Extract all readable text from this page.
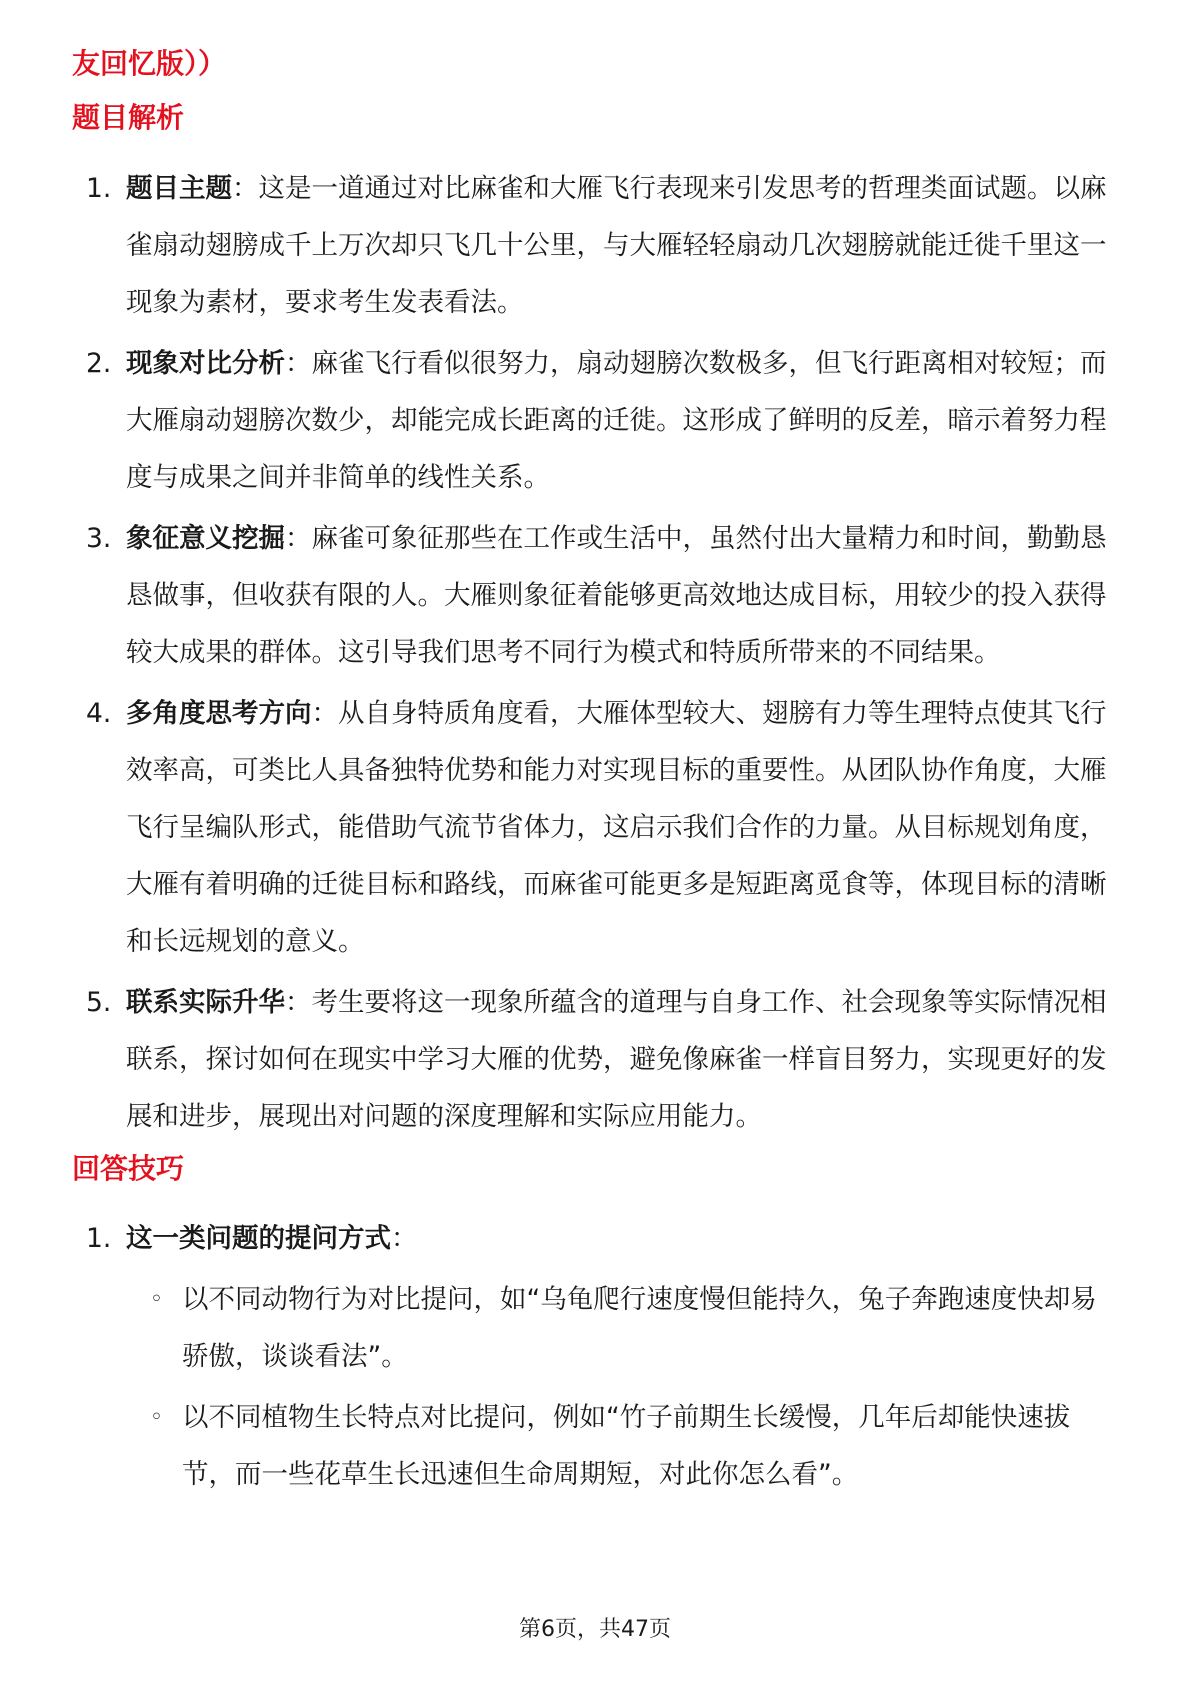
友回忆版））

题目解析

1. 题目主题：这是一道通过对比麻雀和大雁飞行表现来引发思考的哲理类面试题。以麻雀扇动翅膀成千上万次却只飞几十公里，与大雁轻轻扇动几次翅膀就能迁徙千里这一现象为素材，要求考生发表看法。
2. 现象对比分析：麻雀飞行看似很努力，扇动翅膀次数极多，但飞行距离相对较短；而大雁扇动翅膀次数少，却能完成长距离的迁徙。这形成了鲜明的反差，暗示着努力程度与成果之间并非简单的线性关系。
3. 象征意义挖掘：麻雀可象征那些在工作或生活中，虽然付出大量精力和时间，勤勤恳恳做事，但收获有限的人。大雁则象征着能够更高效地达成目标，用较少的投入获得较大成果的群体。这引导我们思考不同行为模式和特质所带来的不同结果。
4. 多角度思考方向：从自身特质角度看，大雁体型较大、翅膀有力等生理特点使其飞行效率高，可类比人具备独特优势和能力对实现目标的重要性。从团队协作角度，大雁飞行呈编队形式，能借助气流节省体力，这启示我们合作的力量。从目标规划角度，大雁有着明确的迁徙目标和路线，而麻雀可能更多是短距离觅食等，体现目标的清晰和长远规划的意义。
5. 联系实际升华：考生要将这一现象所蕴含的道理与自身工作、社会现象等实际情况相联系，探讨如何在现实中学习大雁的优势，避免像麻雀一样盲目努力，实现更好的发展和进步，展现出对问题的深度理解和实际应用能力。

回答技巧

1. 这一类问题的提问方式：
◦ 以不同动物行为对比提问，如“乌龟爬行速度慢但能持久，兔子奔跑速度快却易骄傲，谈谈看法”。
◦ 以不同植物生长特点对比提问，例如“竹子前期生长缓慢，几年后却能快速拔节，而一些花草生长迅速但生命周期短，对此你怎么看”。
第6页，共47页
